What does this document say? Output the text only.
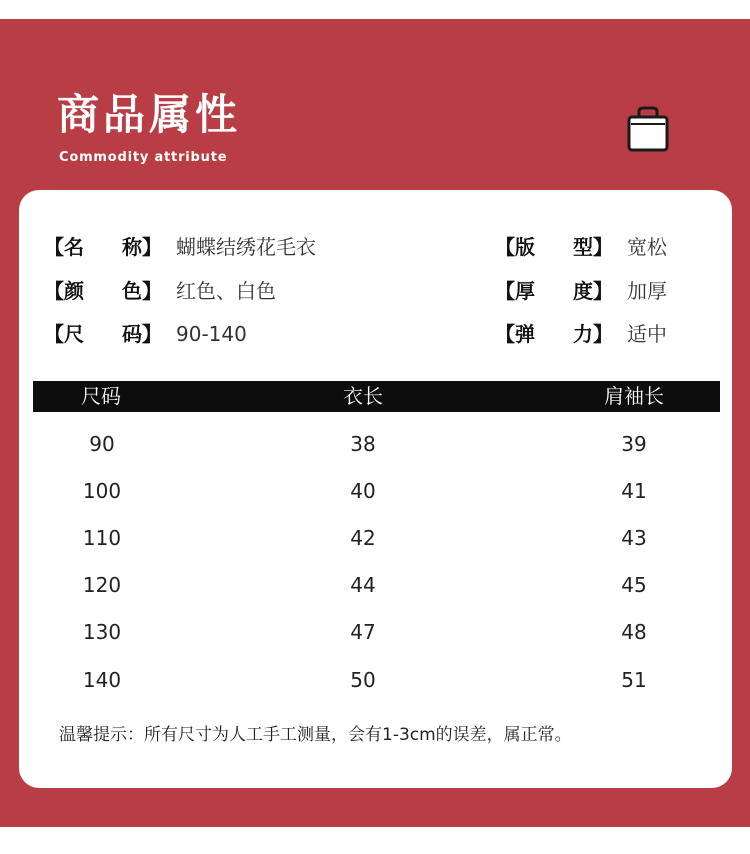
商品属性
Commodity attribute
【名 称】 蝴蝶结绣花毛衣
【颜 色】 红色、白色
【尺 码】 90-140
【版 型】 宽松
【厚 度】 加厚
【弹 力】 适中
尺码	衣长	肩袖长
90	38	39
100	40	41
110	42	43
120	44	45
130	47	48
140	50	51
温馨提示：所有尺寸为人工手工测量，会有1-3cm的误差，属正常。
